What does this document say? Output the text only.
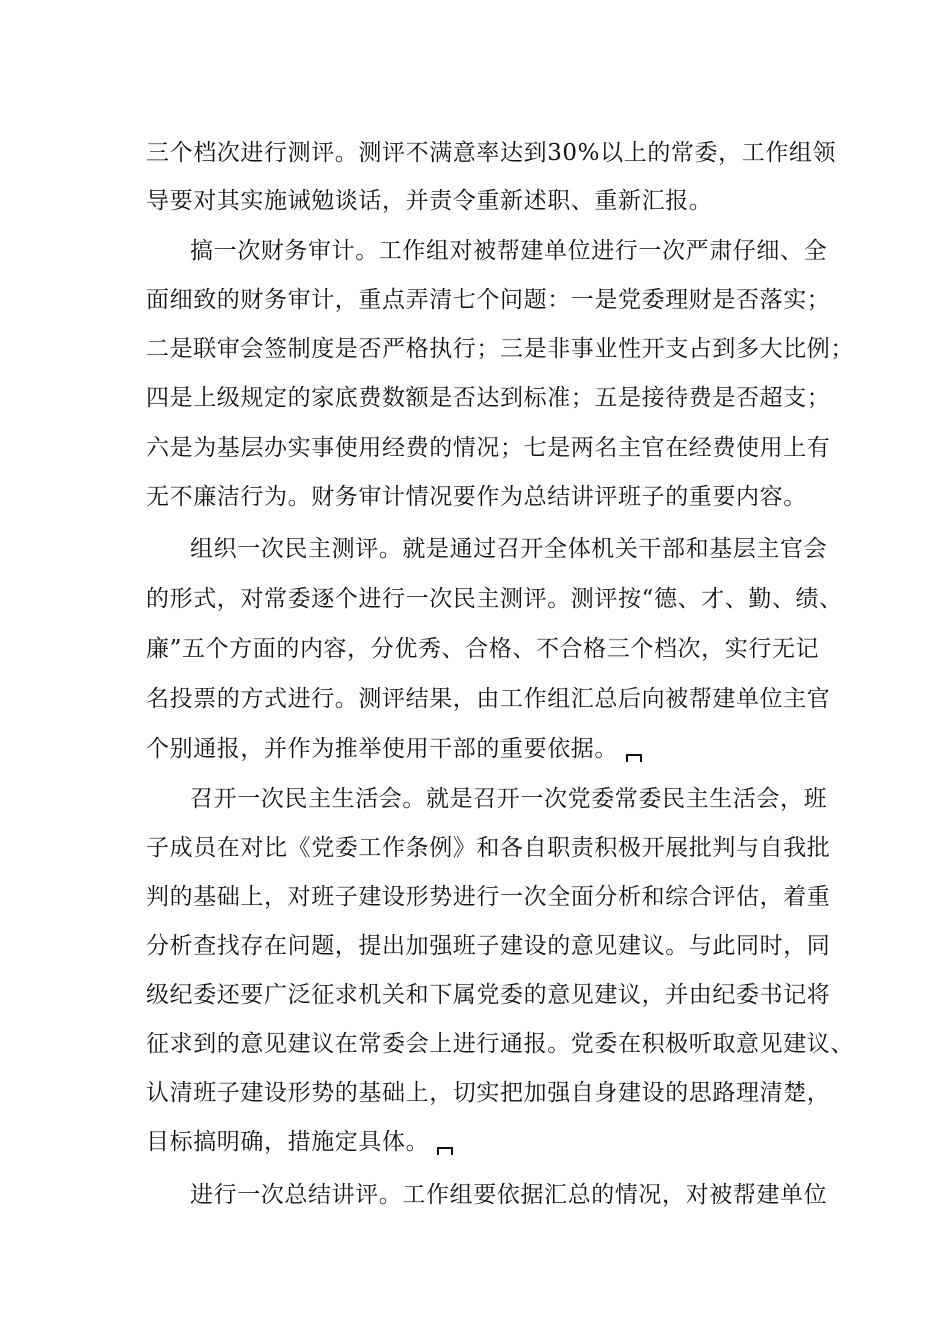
三个档次进行测评。测评不满意率达到30%以上的常委，工作组领
导要对其实施诫勉谈话，并责令重新述职、重新汇报。
搞一次财务审计。工作组对被帮建单位进行一次严肃仔细、全
面细致的财务审计，重点弄清七个问题：一是党委理财是否落实；
二是联审会签制度是否严格执行；三是非事业性开支占到多大比例；
四是上级规定的家底费数额是否达到标准；五是接待费是否超支；
六是为基层办实事使用经费的情况；七是两名主官在经费使用上有
无不廉洁行为。财务审计情况要作为总结讲评班子的重要内容。
组织一次民主测评。就是通过召开全体机关干部和基层主官会
的形式，对常委逐个进行一次民主测评。测评按“德、才、勤、绩、
廉”五个方面的内容，分优秀、合格、不合格三个档次，实行无记
名投票的方式进行。测评结果，由工作组汇总后向被帮建单位主官
个别通报，并作为推举使用干部的重要依据。
召开一次民主生活会。就是召开一次党委常委民主生活会，班
子成员在对比《党委工作条例》和各自职责积极开展批判与自我批
判的基础上，对班子建设形势进行一次全面分析和综合评估，着重
分析查找存在问题，提出加强班子建设的意见建议。与此同时，同
级纪委还要广泛征求机关和下属党委的意见建议，并由纪委书记将
征求到的意见建议在常委会上进行通报。党委在积极听取意见建议、
认清班子建设形势的基础上，切实把加强自身建设的思路理清楚，
目标搞明确，措施定具体。
进行一次总结讲评。工作组要依据汇总的情况，对被帮建单位
